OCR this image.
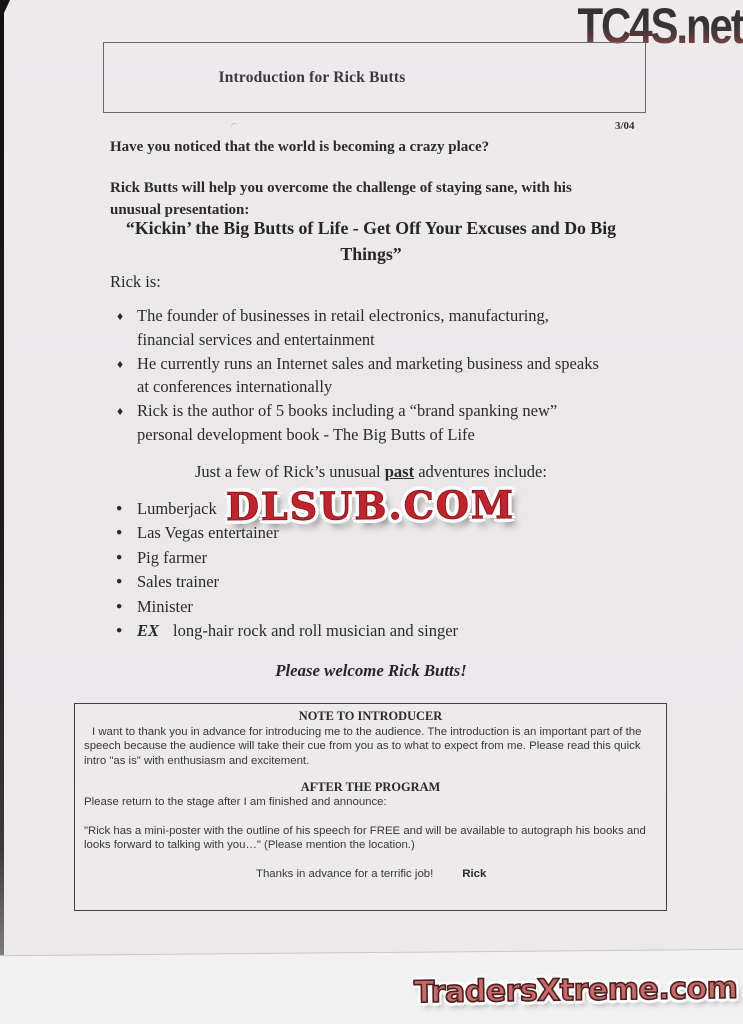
TC4S.net
Introduction for Rick Butts
3/04
Have you noticed that the world is becoming a crazy place?
Rick Butts will help you overcome the challenge of staying sane, with his unusual presentation:
“Kickin’ the Big Butts of Life - Get Off Your Excuses and Do Big Things”
Rick is:
♦ The founder of businesses in retail electronics, manufacturing, financial services and entertainment
♦ He currently runs an Internet sales and marketing business and speaks at conferences internationally
♦ Rick is the author of 5 books including a “brand spanking new” personal development book - The Big Butts of Life
Just a few of Rick’s unusual past adventures include:
● Lumberjack
● Las Vegas entertainer
● Pig farmer
● Sales trainer
● Minister
● EX long-hair rock and roll musician and singer
DLSUB.COM
Please welcome Rick Butts!
NOTE TO INTRODUCER
I want to thank you in advance for introducing me to the audience. The introduction is an important part of the speech because the audience will take their cue from you as to what to expect from me. Please read this quick intro "as is" with enthusiasm and excitement.
AFTER THE PROGRAM
Please return to the stage after I am finished and announce:
"Rick has a mini-poster with the outline of his speech for FREE and will be available to autograph his books and looks forward to talking with you…" (Please mention the location.)
Thanks in advance for a terrific job!	Rick
TradersXtreme.com
